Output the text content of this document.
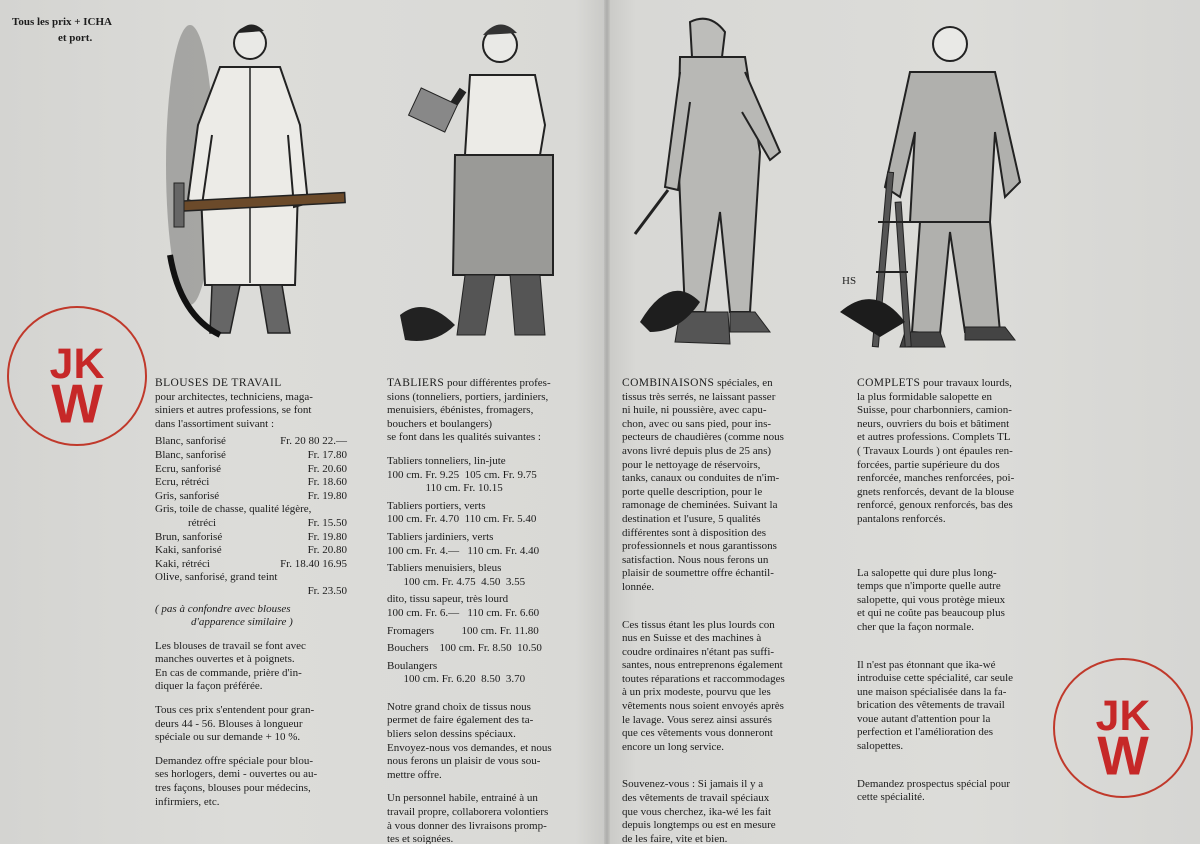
Tous les prix + ICHA
et port.
JK
W
JK
W
HS
BLOUSES DE TRAVAIL
pour architectes, techniciens, maga-
siniers et autres professions, se font
dans l'assortiment suivant :
Blanc, sanforisé	Fr. 20 80 22.—
Blanc, sanforisé	Fr. 17.80
Ecru, sanforisé	Fr. 20.60
Ecru, rétréci	Fr. 18.60
Gris, sanforisé	Fr. 19.80
Gris, toile de chasse, qualité légère,
rétréci	Fr. 15.50
Brun, sanforisé	Fr. 19.80
Kaki, sanforisé	Fr. 20.80
Kaki, rétréci	Fr. 18.40 16.95
Olive, sanforisé, grand teint
Fr. 23.50
( pas à confondre avec blouses
d'apparence similaire )
Les blouses de travail se font avec
manches ouvertes et à poignets.
En cas de commande, prière d'in-
diquer la façon préférée.
Tous ces prix s'entendent pour gran-
deurs 44 - 56. Blouses à longueur
spéciale ou sur demande + 10 %.
Demandez offre spéciale pour blou-
ses horlogers, demi - ouvertes ou au-
tres façons, blouses pour médecins,
infirmiers, etc.
TABLIERS pour différentes profes-
sions (tonneliers, portiers, jardiniers,
menuisiers, ébénistes, fromagers,
bouchers et boulangers)
se font dans les qualités suivantes :
Tabliers tonneliers, lin-jute
100 cm. Fr. 9.25  105 cm. Fr. 9.75
110 cm. Fr. 10.15
Tabliers portiers, verts
100 cm. Fr. 4.70  110 cm. Fr. 5.40
Tabliers jardiniers, verts
100 cm. Fr. 4.—   110 cm. Fr. 4.40
Tabliers menuisiers, bleus
100 cm. Fr. 4.75  4.50  3.55
dito, tissu sapeur, très lourd
100 cm. Fr. 6.—   110 cm. Fr. 6.60
Fromagers          100 cm. Fr. 11.80
Bouchers    100 cm. Fr. 8.50  10.50
Boulangers
100 cm. Fr. 6.20  8.50  3.70
Notre grand choix de tissus nous
permet de faire également des ta-
bliers selon dessins spéciaux.
Envoyez-nous vos demandes, et nous
nous ferons un plaisir de vous sou-
mettre offre.
Un personnel habile, entrainé à un
travail propre, collaborera volontiers
à vous donner des livraisons promp-
tes et soignées.
COMBINAISONS spéciales, en
tissus très serrés, ne laissant passer
ni huile, ni poussière, avec capu-
chon, avec ou sans pied, pour ins-
pecteurs de chaudières (comme nous
avons livré depuis plus de 25 ans)
pour le nettoyage de réservoirs,
tanks, canaux ou conduites de n'im-
porte quelle description, pour le
ramonage de cheminées. Suivant la
destination et l'usure, 5 qualités
différentes sont à disposition des
professionnels et nous garantissons
satisfaction. Nous nous ferons un
plaisir de soumettre offre échantil-
lonnée.
Ces tissus étant les plus lourds con
nus en Suisse et des machines à
coudre ordinaires n'étant pas suffi-
santes, nous entreprenons également
toutes réparations et raccommodages
à un prix modeste, pourvu que les
vêtements nous soient envoyés après
le lavage. Vous serez ainsi assurés
que ces vêtements vous donneront
encore un long service.
Souvenez-vous : Si jamais il y a
des vêtements de travail spéciaux
que vous cherchez, ika-wé les fait
depuis longtemps ou est en mesure
de les faire, vite et bien.
COMPLETS pour travaux lourds,
la plus formidable salopette en
Suisse, pour charbonniers, camion-
neurs, ouvriers du bois et bâtiment
et autres professions. Complets TL
( Travaux Lourds ) ont épaules ren-
forcées, partie supérieure du dos
renforcée, manches renforcées, poi-
gnets renforcés, devant de la blouse
renforcé, genoux renforcés, bas des
pantalons renforcés.
La salopette qui dure plus long-
temps que n'importe quelle autre
salopette, qui vous protège mieux
et qui ne coûte pas beaucoup plus
cher que la façon normale.
Il n'est pas étonnant que ika-wé
introduise cette spécialité, car seule
une maison spécialisée dans la fa-
brication des vêtements de travail
voue autant d'attention pour la
perfection et l'amélioration des
salopettes.
Demandez prospectus spécial pour
cette spécialité.
